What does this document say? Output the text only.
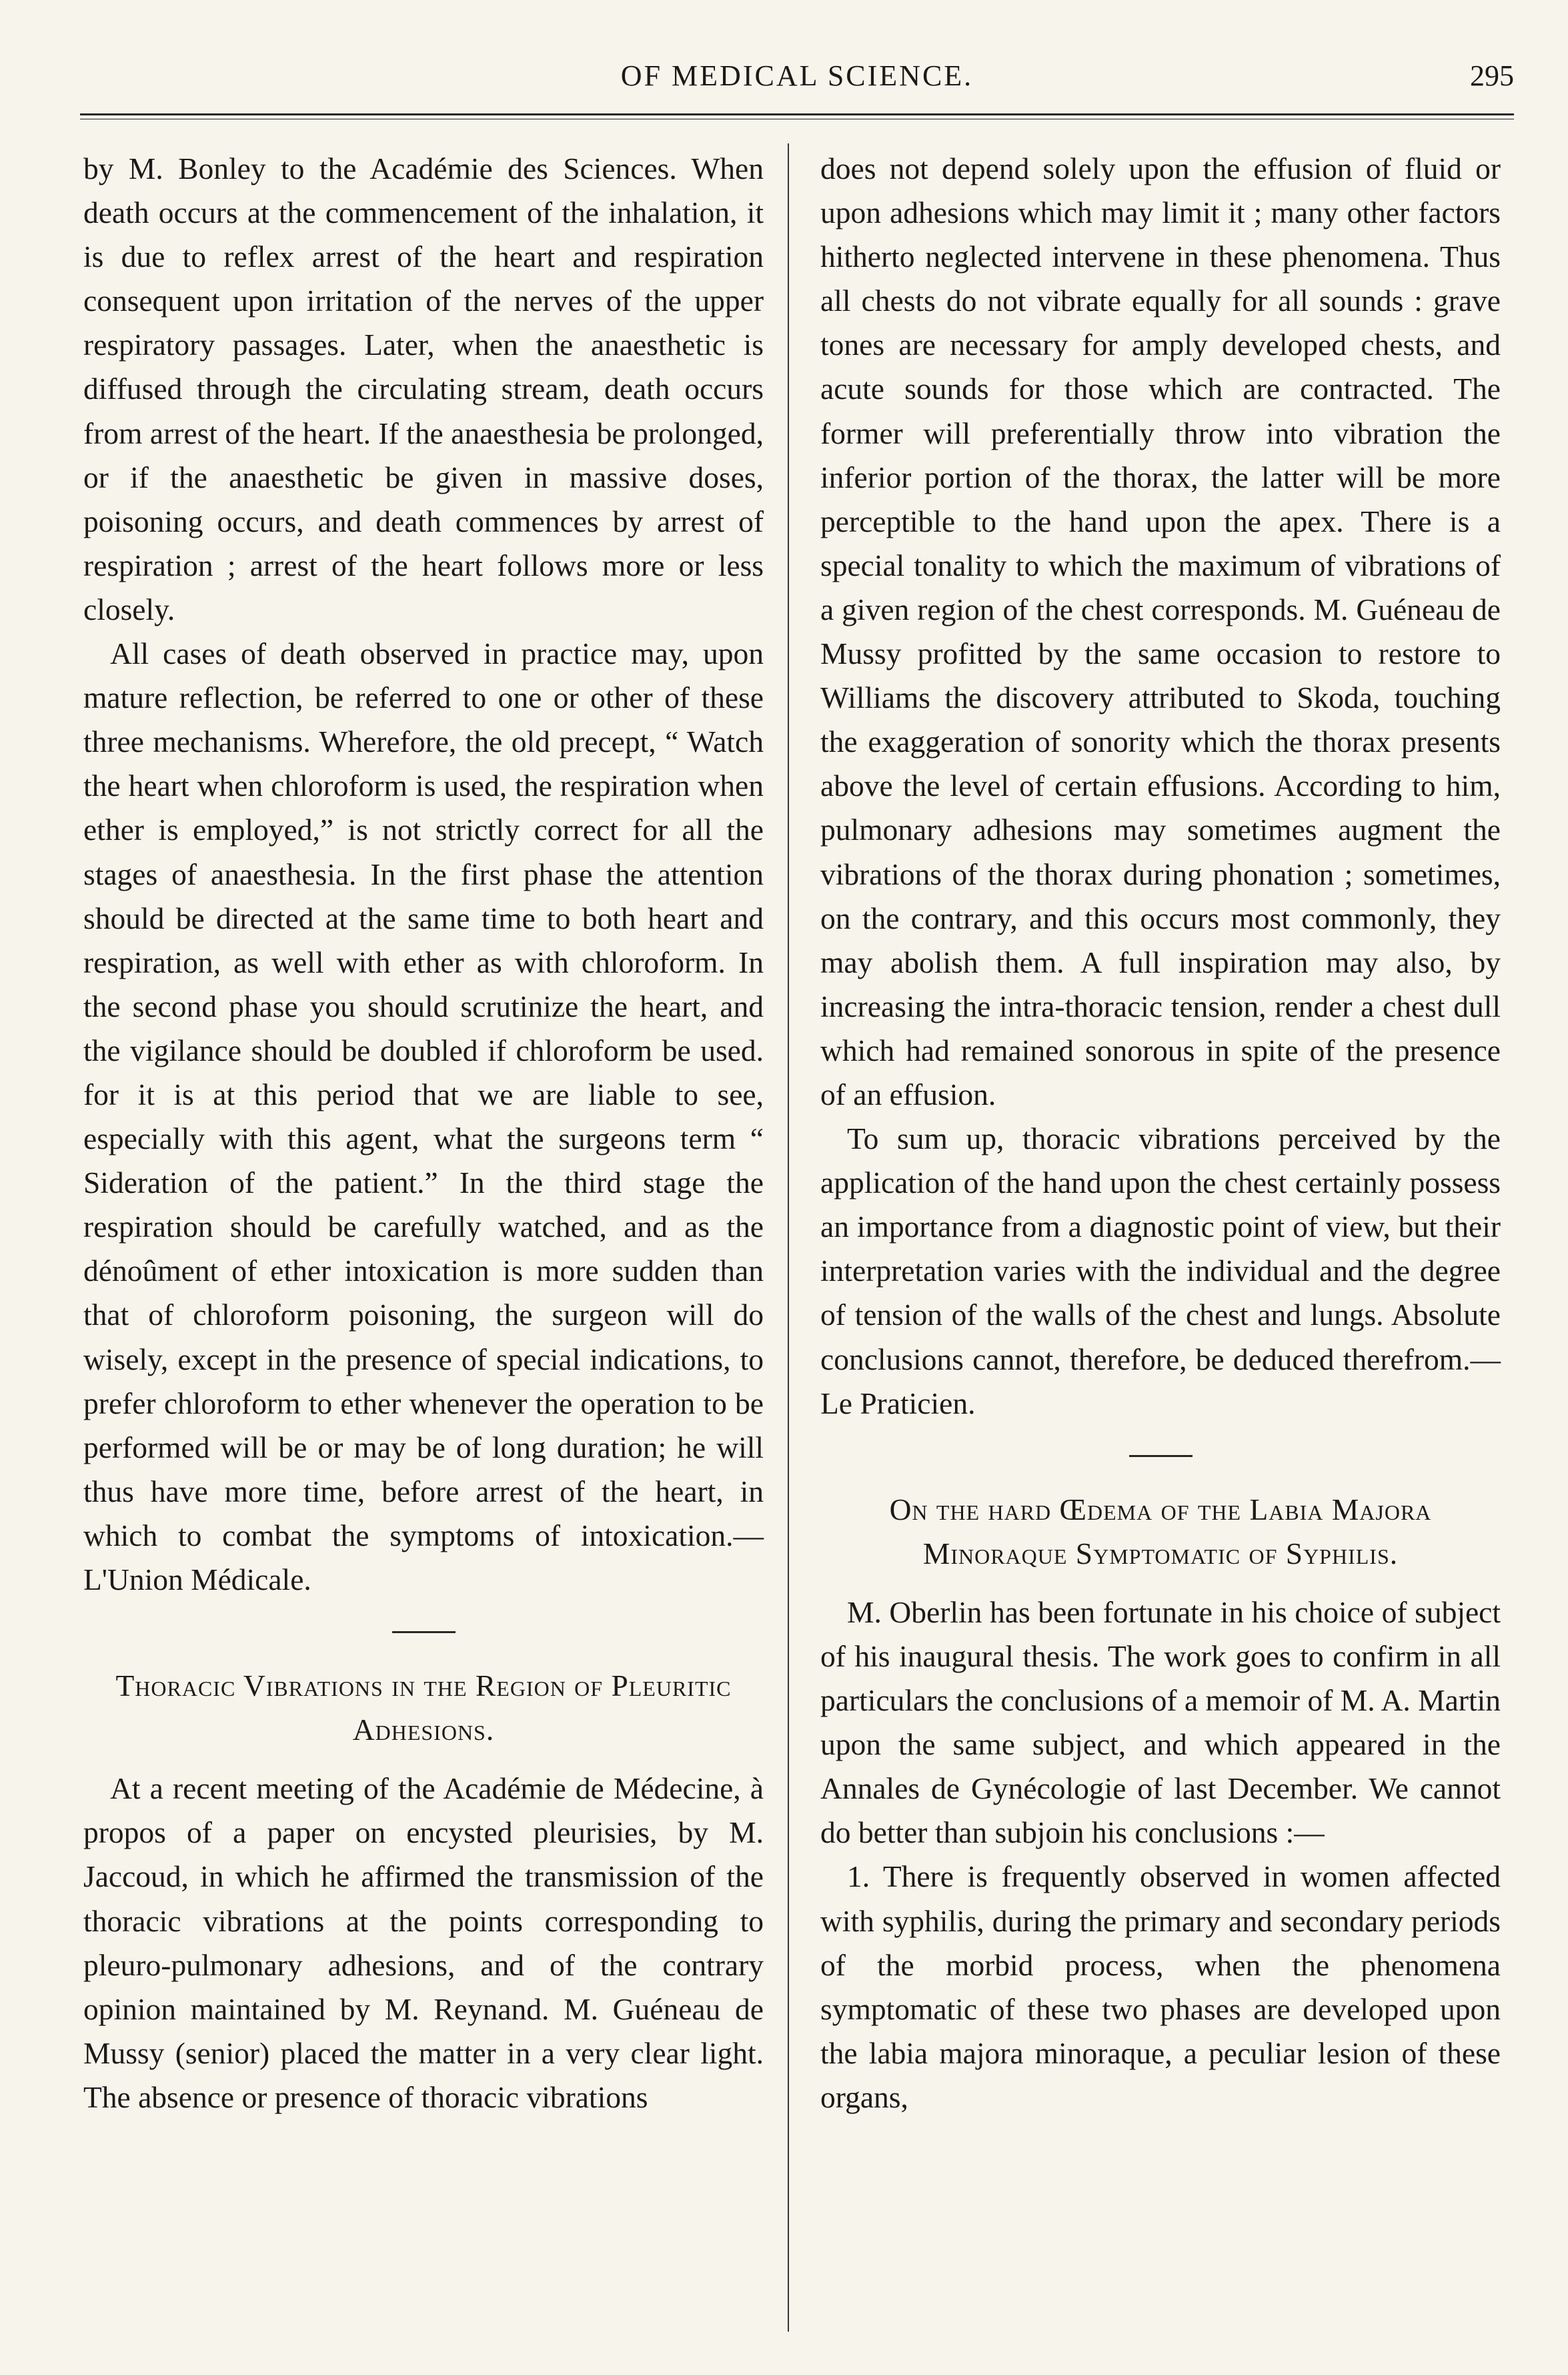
OF MEDICAL SCIENCE.	295

by M. Bonley to the Académie des Sciences. When death occurs at the commencement of the inhalation, it is due to reflex arrest of the heart and respiration consequent upon irritation of the nerves of the upper respiratory passages. Later, when the anaesthetic is diffused through the circulating stream, death occurs from arrest of the heart. If the anaesthesia be prolonged, or if the anaesthetic be given in massive doses, poisoning occurs, and death commences by arrest of respiration ; arrest of the heart follows more or less closely.

All cases of death observed in practice may, upon mature reflection, be referred to one or other of these three mechanisms. Wherefore, the old precept, “ Watch the heart when chloroform is used, the respiration when ether is employed,” is not strictly correct for all the stages of anaesthesia. In the first phase the attention should be directed at the same time to both heart and respiration, as well with ether as with chloroform. In the second phase you should scrutinize the heart, and the vigilance should be doubled if chloroform be used. for it is at this period that we are liable to see, especially with this agent, what the surgeons term “ Sideration of the patient.” In the third stage the respiration should be carefully watched, and as the dénoûment of ether intoxication is more sudden than that of chloroform poisoning, the surgeon will do wisely, except in the presence of special indications, to prefer chloroform to ether whenever the operation to be performed will be or may be of long duration; he will thus have more time, before arrest of the heart, in which to combat the symptoms of intoxication.— L'Union Médicale.

Thoracic Vibrations in the Region of Pleuritic Adhesions.

At a recent meeting of the Académie de Médecine, à propos of a paper on encysted pleurisies, by M. Jaccoud, in which he affirmed the transmission of the thoracic vibrations at the points corresponding to pleuro-pulmonary adhesions, and of the contrary opinion maintained by M. Reynand. M. Guéneau de Mussy (senior) placed the matter in a very clear light. The absence or presence of thoracic vibrations

does not depend solely upon the effusion of fluid or upon adhesions which may limit it ; many other factors hitherto neglected intervene in these phenomena. Thus all chests do not vibrate equally for all sounds : grave tones are necessary for amply developed chests, and acute sounds for those which are contracted. The former will preferentially throw into vibration the inferior portion of the thorax, the latter will be more perceptible to the hand upon the apex. There is a special tonality to which the maximum of vibrations of a given region of the chest corresponds. M. Guéneau de Mussy profitted by the same occasion to restore to Williams the discovery attributed to Skoda, touching the exaggeration of sonority which the thorax presents above the level of certain effusions. According to him, pulmonary adhesions may sometimes augment the vibrations of the thorax during phonation ; sometimes, on the contrary, and this occurs most commonly, they may abolish them. A full inspiration may also, by increasing the intra-thoracic tension, render a chest dull which had remained sonorous in spite of the presence of an effusion.

To sum up, thoracic vibrations perceived by the application of the hand upon the chest certainly possess an importance from a diagnostic point of view, but their interpretation varies with the individual and the degree of tension of the walls of the chest and lungs. Absolute conclusions cannot, therefore, be deduced therefrom.—Le Praticien.

On the hard Œdema of the Labia Majora Minoraque Symptomatic of Syphilis.

M. Oberlin has been fortunate in his choice of subject of his inaugural thesis. The work goes to confirm in all particulars the conclusions of a memoir of M. A. Martin upon the same subject, and which appeared in the Annales de Gynécologie of last December. We cannot do better than subjoin his conclusions :—

1. There is frequently observed in women affected with syphilis, during the primary and secondary periods of the morbid process, when the phenomena symptomatic of these two phases are developed upon the labia majora minoraque, a peculiar lesion of these organs,
